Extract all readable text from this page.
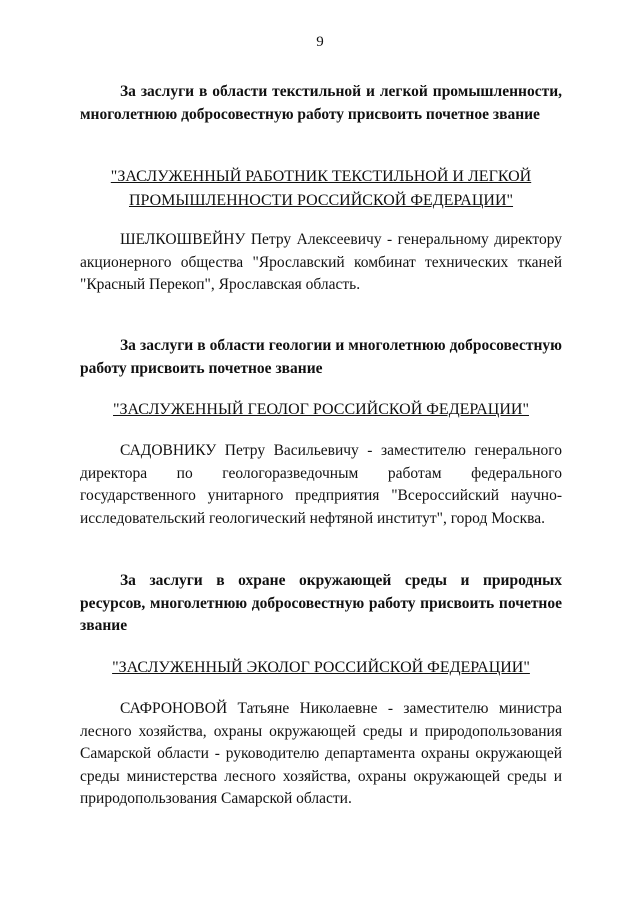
9
За заслуги в области текстильной и легкой промышленности, многолетнюю добросовестную работу присвоить почетное звание
"ЗАСЛУЖЕННЫЙ РАБОТНИК ТЕКСТИЛЬНОЙ И ЛЕГКОЙ ПРОМЫШЛЕННОСТИ РОССИЙСКОЙ ФЕДЕРАЦИИ"
ШЕЛКОШВЕЙНУ Петру Алексеевичу - генеральному директору акционерного общества "Ярославский комбинат технических тканей "Красный Перекоп", Ярославская область.
За заслуги в области геологии и многолетнюю добросовестную работу присвоить почетное звание
"ЗАСЛУЖЕННЫЙ ГЕОЛОГ РОССИЙСКОЙ ФЕДЕРАЦИИ"
САДОВНИКУ Петру Васильевичу - заместителю генерального директора по геологоразведочным работам федерального государственного унитарного предприятия "Всероссийский научно-исследовательский геологический нефтяной институт", город Москва.
За заслуги в охране окружающей среды и природных ресурсов, многолетнюю добросовестную работу присвоить почетное звание
"ЗАСЛУЖЕННЫЙ ЭКОЛОГ РОССИЙСКОЙ ФЕДЕРАЦИИ"
САФРОНОВОЙ Татьяне Николаевне - заместителю министра лесного хозяйства, охраны окружающей среды и природопользования Самарской области - руководителю департамента охраны окружающей среды министерства лесного хозяйства, охраны окружающей среды и природопользования Самарской области.
